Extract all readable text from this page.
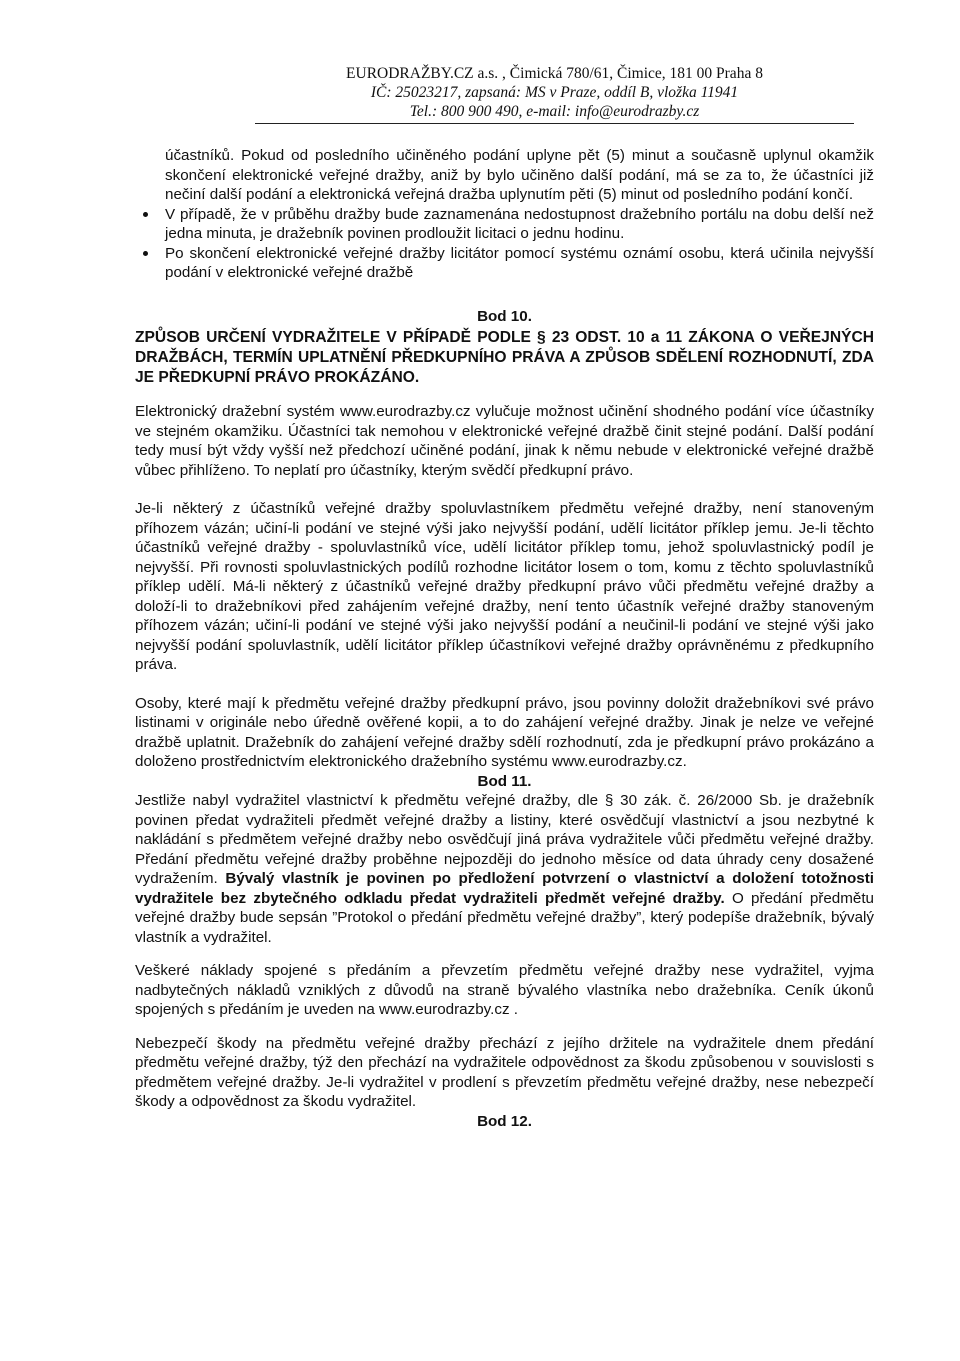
EURODRAŽBY.CZ a.s. , Čimická 780/61, Čimice, 181 00 Praha 8
IČ: 25023217, zapsaná: MS v Praze, oddíl B, vložka 11941
Tel.: 800 900 490, e-mail: info@eurodrazby.cz

účastníků. Pokud od posledního učiněného podání uplyne pět (5) minut a současně uplynul okamžik skončení elektronické veřejné dražby, aniž by bylo učiněno další podání, má se za to, že účastníci již nečiní další podání a elektronická veřejná dražba uplynutím pěti (5) minut od posledního podání končí.

V případě, že v průběhu dražby bude zaznamenána nedostupnost dražebního portálu na dobu delší než jedna minuta, je dražebník povinen prodloužit licitaci o jednu hodinu.
Po skončení elektronické veřejné dražby licitátor pomocí systému oznámí osobu, která učinila nejvyšší podání v elektronické veřejné dražbě
Bod 10.
ZPŮSOB URČENÍ VYDRAŽITELE V PŘÍPADĚ PODLE § 23 ODST. 10 a 11 ZÁKONA O VEŘEJNÝCH DRAŽBÁCH, TERMÍN UPLATNĚNÍ PŘEDKUPNÍHO PRÁVA A ZPŮSOB SDĚLENÍ ROZHODNUTÍ, ZDA JE PŘEDKUPNÍ PRÁVO PROKÁZÁNO.

Elektronický dražební systém www.eurodrazby.cz vylučuje možnost učinění shodného podání více účastníky ve stejném okamžiku. Účastníci tak nemohou v elektronické veřejné dražbě činit stejné podání. Další podání tedy musí být vždy vyšší než předchozí učiněné podání, jinak k němu nebude v elektronické veřejné dražbě vůbec přihlíženo. To neplatí pro účastníky, kterým svědčí předkupní právo.

Je-li některý z účastníků veřejné dražby spoluvlastníkem předmětu veřejné dražby, není stanoveným příhozem vázán; učiní-li podání ve stejné výši jako nejvyšší podání, udělí licitátor příklep jemu. Je-li těchto účastníků veřejné dražby - spoluvlastníků více, udělí licitátor příklep tomu, jehož spoluvlastnický podíl je nejvyšší. Při rovnosti spoluvlastnických podílů rozhodne licitátor losem o tom, komu z těchto spoluvlastníků příklep udělí. Má-li některý z účastníků veřejné dražby předkupní právo vůči předmětu veřejné dražby a doloží-li to dražebníkovi před zahájením veřejné dražby, není tento účastník veřejné dražby stanoveným příhozem vázán; učiní-li podání ve stejné výši jako nejvyšší podání a neučinil-li podání ve stejné výši jako nejvyšší podání spoluvlastník, udělí licitátor příklep účastníkovi veřejné dražby oprávněnému z předkupního práva.

Osoby, které mají k předmětu veřejné dražby předkupní právo, jsou povinny doložit dražebníkovi své právo listinami v originále nebo úředně ověřené kopii, a to do zahájení veřejné dražby. Jinak je nelze ve veřejné dražbě uplatnit. Dražebník do zahájení veřejné dražby sdělí rozhodnutí, zda je předkupní právo prokázáno a doloženo prostřednictvím elektronického dražebního systému www.eurodrazby.cz.

Bod 11.

Jestliže nabyl vydražitel vlastnictví k předmětu veřejné dražby, dle § 30 zák. č. 26/2000 Sb. je dražebník povinen předat vydražiteli předmět veřejné dražby a listiny, které osvědčují vlastnictví a jsou nezbytné k nakládání s předmětem veřejné dražby nebo osvědčují jiná práva vydražitele vůči předmětu veřejné dražby. Předání předmětu veřejné dražby proběhne nejpozději do jednoho měsíce od data úhrady ceny dosažené vydražením. Bývalý vlastník je povinen po předložení potvrzení o vlastnictví a doložení totožnosti vydražitele bez zbytečného odkladu předat vydražiteli předmět veřejné dražby. O předání předmětu veřejné dražby bude sepsán ”Protokol o předání předmětu veřejné dražby”, který podepíše dražebník, bývalý vlastník a vydražitel.

Veškeré náklady spojené s předáním a převzetím předmětu veřejné dražby nese vydražitel, vyjma nadbytečných nákladů vzniklých z důvodů na straně bývalého vlastníka nebo dražebníka. Ceník úkonů spojených s předáním je uveden na www.eurodrazby.cz .

Nebezpečí škody na předmětu veřejné dražby přechází z jejího držitele na vydražitele dnem předání předmětu veřejné dražby, týž den přechází na vydražitele odpovědnost za škodu způsobenou v souvislosti s předmětem veřejné dražby. Je-li vydražitel v prodlení s převzetím předmětu veřejné dražby, nese nebezpečí škody a odpovědnost za škodu vydražitel.

Bod 12.
